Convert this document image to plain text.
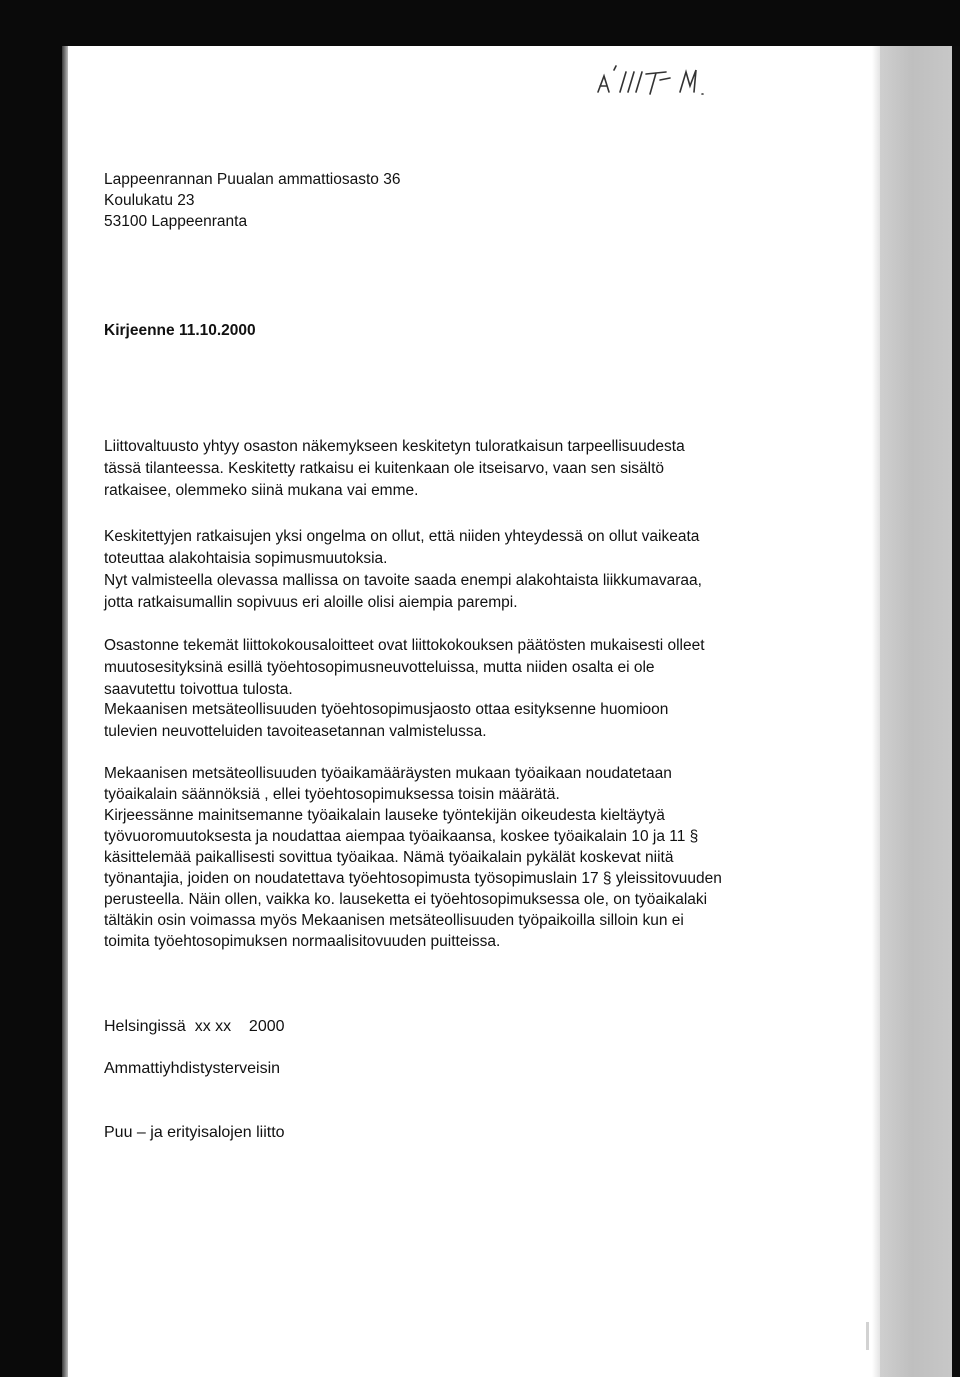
Lappeenrannan Puualan ammattiosasto 36
Koulukatu 23
53100 Lappeenranta
Kirjeenne 11.10.2000
Liittovaltuusto yhtyy osaston näkemykseen keskitetyn tuloratkaisun tarpeellisuudesta
tässä tilanteessa. Keskitetty ratkaisu ei kuitenkaan ole itseisarvo, vaan sen sisältö
ratkaisee, olemmeko siinä mukana vai emme.
Keskitettyjen ratkaisujen yksi ongelma on ollut, että niiden yhteydessä on ollut vaikeata
toteuttaa alakohtaisia sopimusmuutoksia.
Nyt valmisteella olevassa mallissa on tavoite saada enempi alakohtaista liikkumavaraa,
jotta ratkaisumallin sopivuus eri aloille olisi aiempia parempi.
Osastonne tekemät liittokokousaloitteet ovat liittokokouksen päätösten mukaisesti olleet
muutosesityksinä esillä työehtosopimusneuvotteluissa, mutta niiden osalta ei ole
saavutettu toivottua tulosta.
Mekaanisen metsäteollisuuden työehtosopimusjaosto ottaa esityksenne huomioon
tulevien neuvotteluiden tavoiteasetannan valmistelussa.
Mekaanisen metsäteollisuuden työaikamääräysten mukaan työaikaan noudatetaan
työaikalain säännöksiä , ellei työehtosopimuksessa toisin määrätä.
Kirjeessänne mainitsemanne työaikalain lauseke työntekijän oikeudesta kieltäytyä
työvuoromuutoksesta ja noudattaa aiempaa työaikaansa, koskee työaikalain 10 ja 11 §
käsittelemää paikallisesti sovittua työaikaa. Nämä työaikalain pykälät koskevat niitä
työnantajia, joiden on noudatettava työehtosopimusta työsopimuslain 17 § yleissitovuuden
perusteella. Näin ollen, vaikka ko. lauseketta ei työehtosopimuksessa ole, on työaikalaki
tältäkin osin voimassa myös Mekaanisen metsäteollisuuden työpaikoilla silloin kun ei
toimita työehtosopimuksen normaalisitovuuden puitteissa.
Helsingissä  xx xx    2000
Ammattiyhdistysterveisin
Puu – ja erityisalojen liitto
